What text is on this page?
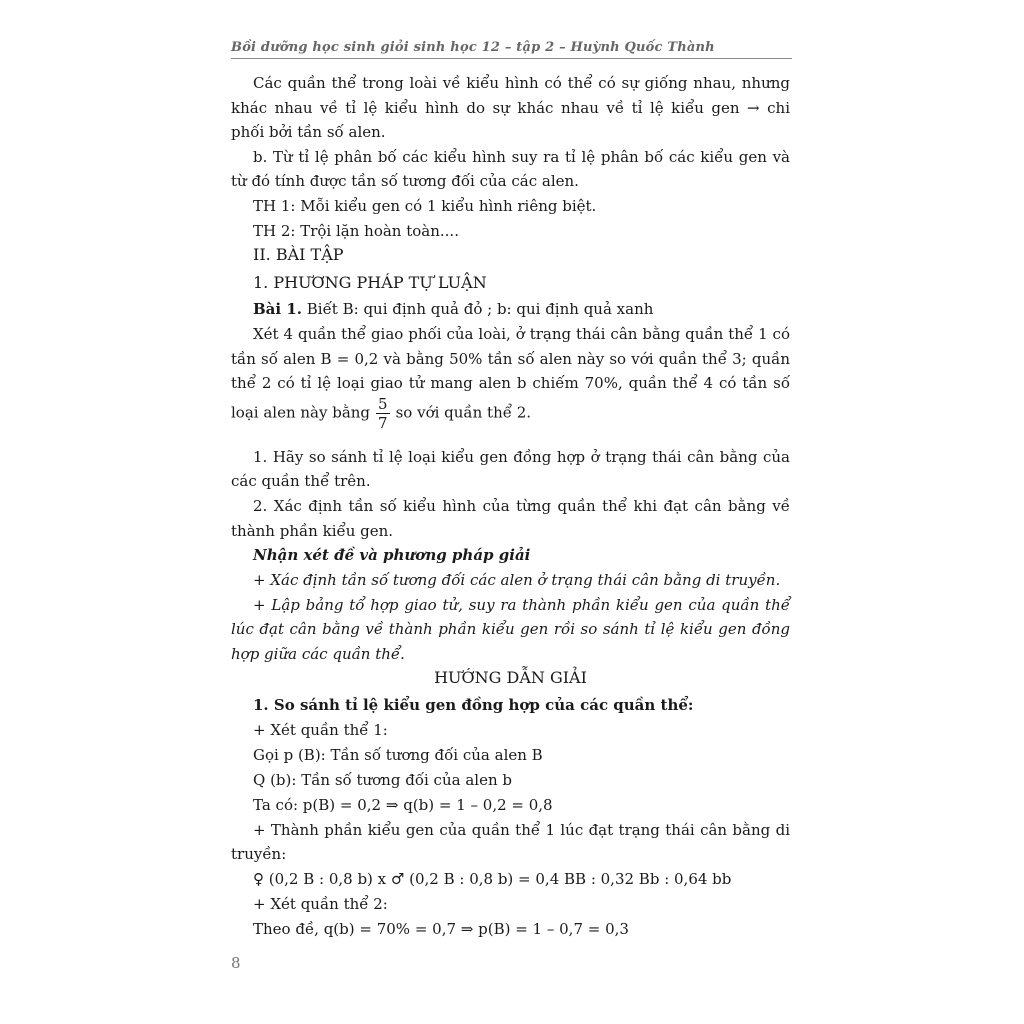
Bồi dưỡng học sinh giỏi sinh học 12 – tập 2 – Huỳnh Quốc Thành
Các quần thể trong loài về kiểu hình có thể có sự giống nhau, nhưng
khác nhau về tỉ lệ kiểu hình do sự khác nhau về tỉ lệ kiểu gen → chi
phối bởi tần số alen.
b. Từ tỉ lệ phân bố các kiểu hình suy ra tỉ lệ phân bố các kiểu gen và
từ đó tính được tần số tương đối của các alen.
TH 1: Mỗi kiểu gen có 1 kiểu hình riêng biệt.
TH 2: Trội lặn hoàn toàn....
II. BÀI TẬP
1. PHƯƠNG PHÁP TỰ LUẬN
Bài 1. Biết B: qui định quả đỏ ; b: qui định quả xanh
Xét 4 quần thể giao phối của loài, ở trạng thái cân bằng quần thể 1 có
tần số alen B = 0,2 và bằng 50% tần số alen này so với quần thể 3; quần
thể 2 có tỉ lệ loại giao tử mang alen b chiếm 70%, quần thể 4 có tần số
loại alen này bằng $\frac{5}{7}$ so với quần thể 2.
1. Hãy so sánh tỉ lệ loại kiểu gen đồng hợp ở trạng thái cân bằng của
các quần thể trên.
2. Xác định tần số kiểu hình của từng quần thể khi đạt cân bằng về
thành phần kiểu gen.
Nhận xét đề và phương pháp giải
+ Xác định tần số tương đối các alen ở trạng thái cân bằng di truyền.
+ Lập bảng tổ hợp giao tử, suy ra thành phần kiểu gen của quần thể
lúc đạt cân bằng về thành phần kiểu gen rồi so sánh tỉ lệ kiểu gen đồng
hợp giữa các quần thể.
HƯỚNG DẪN GIẢI
1. So sánh tỉ lệ kiểu gen đồng hợp của các quần thể:
+ Xét quần thể 1:
Gọi p (B): Tần số tương đối của alen B
Q (b): Tần số tương đối của alen b
Ta có: p(B) = 0,2 ⇒ q(b) = 1 – 0,2 = 0,8
+ Thành phần kiểu gen của quần thể 1 lúc đạt trạng thái cân bằng di
truyền:
♀ (0,2 B : 0,8 b) x ♂ (0,2 B : 0,8 b) = 0,4 BB : 0,32 Bb : 0,64 bb
+ Xét quần thể 2:
Theo đề, q(b) = 70% = 0,7 ⇒ p(B) = 1 – 0,7 = 0,3
8
